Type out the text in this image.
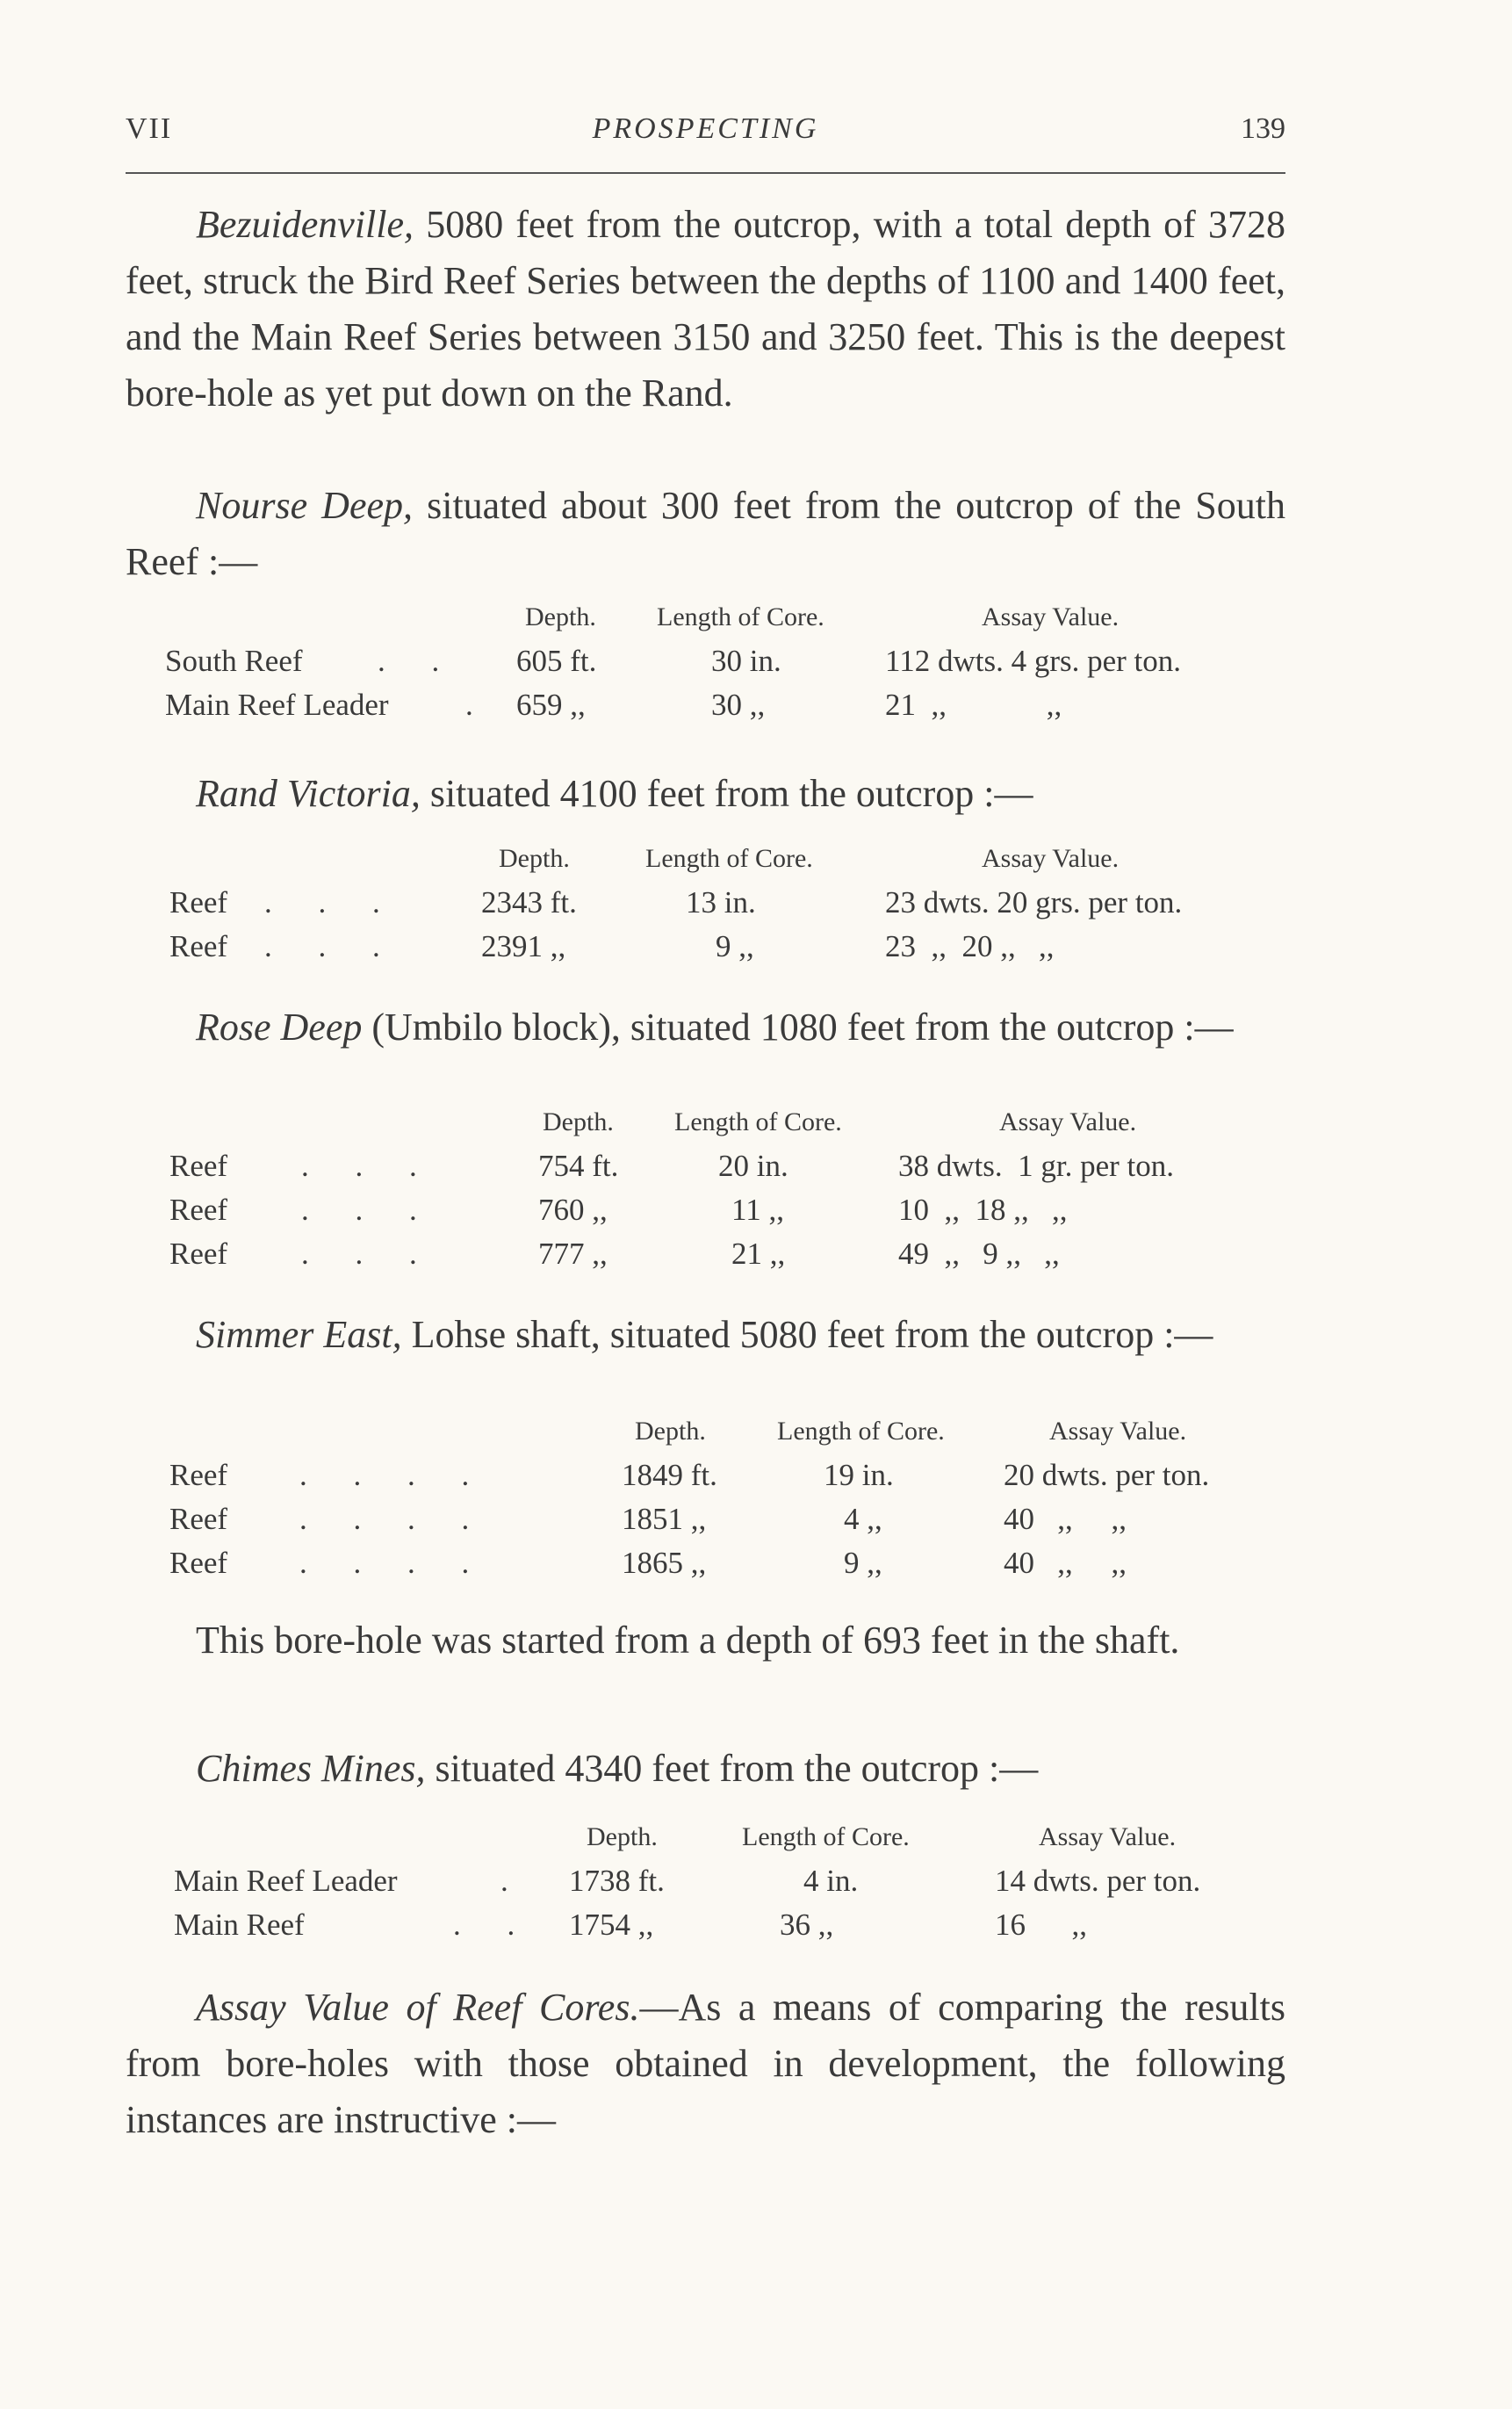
VII	PROSPECTING	139

Bezuidenville, 5080 feet from the outcrop, with a total depth of 3728 feet, struck the Bird Reef Series between the depths of 1100 and 1400 feet, and the Main Reef Series between 3150 and 3250 feet. This is the deepest bore-hole as yet put down on the Rand.

Nourse Deep, situated about 300 feet from the outcrop of the South Reef :—

Depth. Length of Core.	Assay Value.
South Reef . . 605 ft.	30 in.	112 dwts. 4 grs. per ton.
Main Reef Leader . 659 ,,	30 ,,	21  ,,             ,,

Rand Victoria, situated 4100 feet from the outcrop :—

Depth.	Length of Core.	Assay Value.
Reef . . .	2343 ft.	13 in.	23 dwts. 20 grs. per ton.
Reef . . .	2391 ,,	9 ,,	23  ,,  20 ,,   ,,

Rose Deep (Umbilo block), situated 1080 feet from the outcrop :—

Depth. Length of Core.	Assay Value.
Reef . . .	754 ft.	20 in.	38 dwts.  1 gr. per ton.
Reef . . .	760 ,,	11 ,,	10  ,,  18 ,,   ,,
Reef . . .	777 ,,	21 ,,	49  ,,   9 ,,   ,,

Simmer East, Lohse shaft, situated 5080 feet from the outcrop :—

Depth.	Length of Core.	Assay Value.
Reef . . . .	1849 ft.	19 in.	20 dwts. per ton.
Reef . . . .	1851 ,,	4 ,,	40   ,,     ,,
Reef . . . .	1865 ,,	9 ,,	40   ,,     ,,

This bore-hole was started from a depth of 693 feet in the shaft.

Chimes Mines, situated 4340 feet from the outcrop :—

Depth.	Length of Core.	Assay Value.
Main Reef Leader	. 1738 ft.	4 in.	14 dwts. per ton.
Main Reef	. . 1754 ,,	36 ,,	16      ,,

Assay Value of Reef Cores.—As a means of comparing the results from bore-holes with those obtained in development, the following instances are instructive :—
